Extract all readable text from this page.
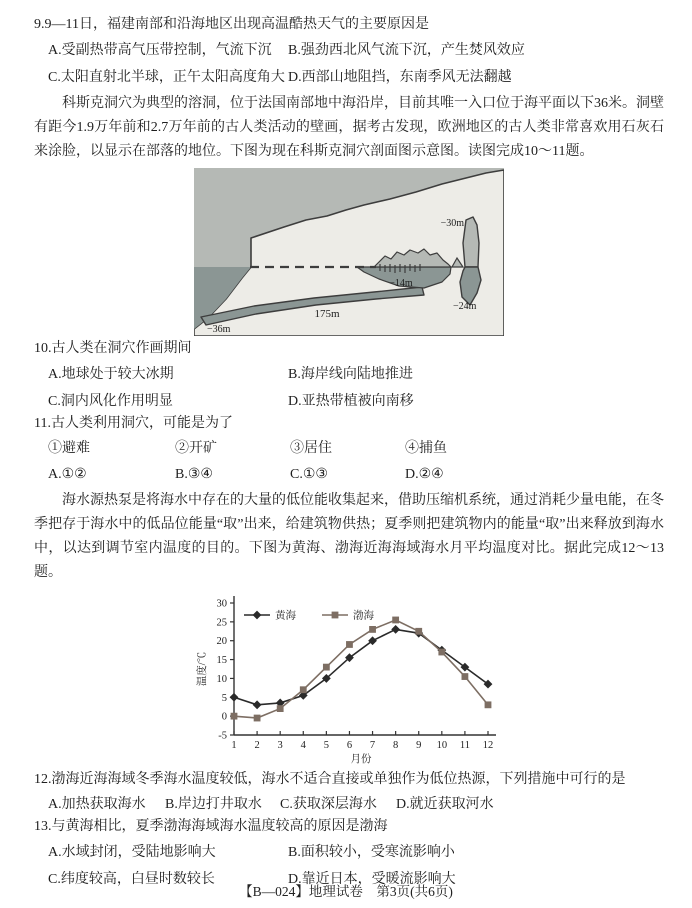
9.9—11日，福建南部和沿海地区出现高温酷热天气的主要原因是
A.受副热带高气压带控制，气流下沉	B.强劲西北风气流下沉，产生焚风效应
C.太阳直射北半球，正午太阳高度角大 D.西部山地阻挡，东南季风无法翻越
科斯克洞穴为典型的溶洞，位于法国南部地中海沿岸，目前其唯一入口位于海平面以下36米。洞壁有距今1.9万年前和2.7万年前的古人类活动的壁画，据考古发现，欧洲地区的古人类非常喜欢用石灰石来涂脸，以显示在部落的地位。下图为现在科斯克洞穴剖面图示意图。读图完成10～11题。
−30m
−14m
−24m
−36m
175m
10.古人类在洞穴作画期间
A.地球处于较大冰期	B.海岸线向陆地推进
C.洞内风化作用明显	D.亚热带植被向南移
11.古人类利用洞穴，可能是为了
①避难	②开矿	③居住	④捕鱼
A.①②	B.③④	C.①③	D.②④
海水源热泵是将海水中存在的大量的低位能收集起来，借助压缩机系统，通过消耗少量电能，在冬季把存于海水中的低品位能量“取”出来，给建筑物供热；夏季则把建筑物内的能量“取”出来释放到海水中，以达到调节室内温度的目的。下图为黄海、渤海近海海域海水月平均温度对比。据此完成12～13题。
-5
0
5
10
15
20
25
30
1 2 3 4 5 6 7 8 9 10 11 12
月份
温度/℃
黄海	渤海
12.渤海近海海域冬季海水温度较低，海水不适合直接或单独作为低位热源，下列措施中可行的是
A.加热获取海水	B.岸边打井取水	C.获取深层海水	D.就近获取河水
13.与黄海相比，夏季渤海海域海水温度较高的原因是渤海
A.水域封闭，受陆地影响大	B.面积较小，受寒流影响小
C.纬度较高，白昼时数较长	D.靠近日本，受暖流影响大
【B—024】地理试卷　第3页(共6页)
